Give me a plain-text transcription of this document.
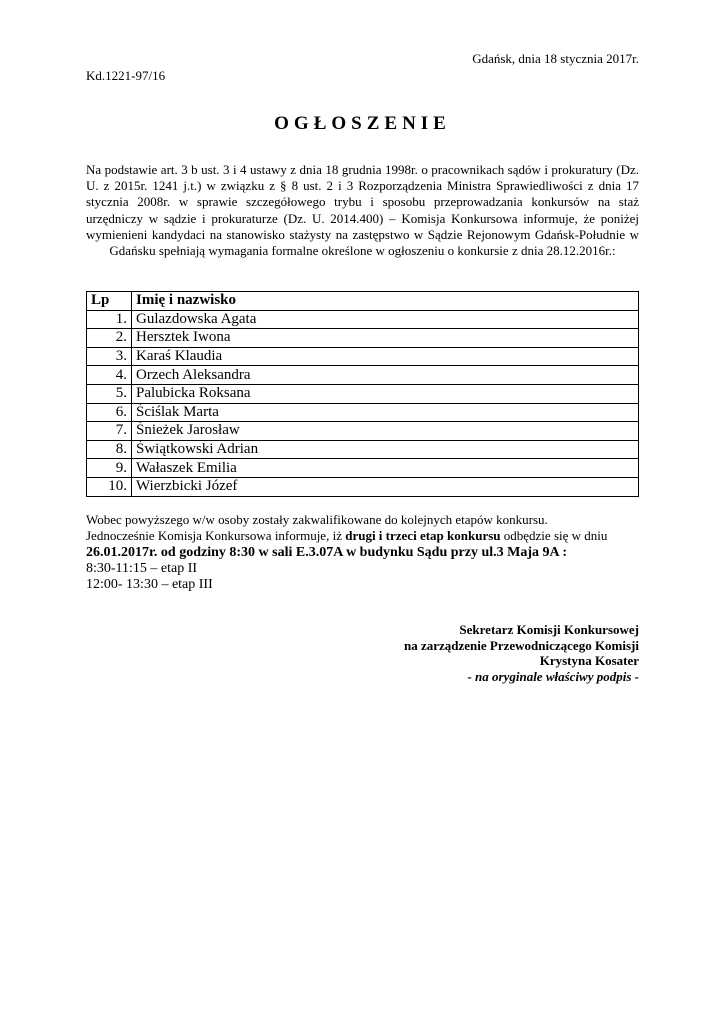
Gdańsk, dnia 18 stycznia 2017r.
Kd.1221-97/16
OGŁOSZENIE
Na podstawie art. 3 b ust. 3 i 4 ustawy z dnia 18 grudnia 1998r. o pracownikach sądów i prokuratury (Dz. U. z 2015r. 1241 j.t.) w związku z § 8 ust. 2 i 3 Rozporządzenia Ministra Sprawiedliwości z dnia 17 stycznia 2008r. w sprawie szczegółowego trybu i sposobu przeprowadzania konkursów na staż urzędniczy w sądzie i prokuraturze (Dz. U. 2014.400) – Komisja Konkursowa informuje, że poniżej wymienieni kandydaci na stanowisko stażysty na zastępstwo w Sądzie Rejonowym Gdańsk-Południe w Gdańsku spełniają wymagania formalne określone w ogłoszeniu o konkursie z dnia 28.12.2016r.:
Lp	Imię i nazwisko
1.	Gulazdowska Agata
2.	Hersztek Iwona
3.	Karaś Klaudia
4.	Orzech Aleksandra
5.	Palubicka Roksana
6.	Ściślak Marta
7.	Śnieżek Jarosław
8.	Świątkowski Adrian
9.	Wałaszek Emilia
10.	Wierzbicki Józef
Wobec powyższego w/w osoby zostały zakwalifikowane do kolejnych etapów konkursu.
Jednocześnie Komisja Konkursowa informuje, iż drugi i trzeci etap konkursu odbędzie się w dniu
26.01.2017r. od godziny 8:30 w sali E.3.07A w budynku Sądu przy ul.3 Maja 9A :
8:30-11:15 – etap II
12:00- 13:30 – etap III
Sekretarz Komisji Konkursowej
na zarządzenie Przewodniczącego Komisji
Krystyna Kosater
- na oryginale właściwy podpis -
